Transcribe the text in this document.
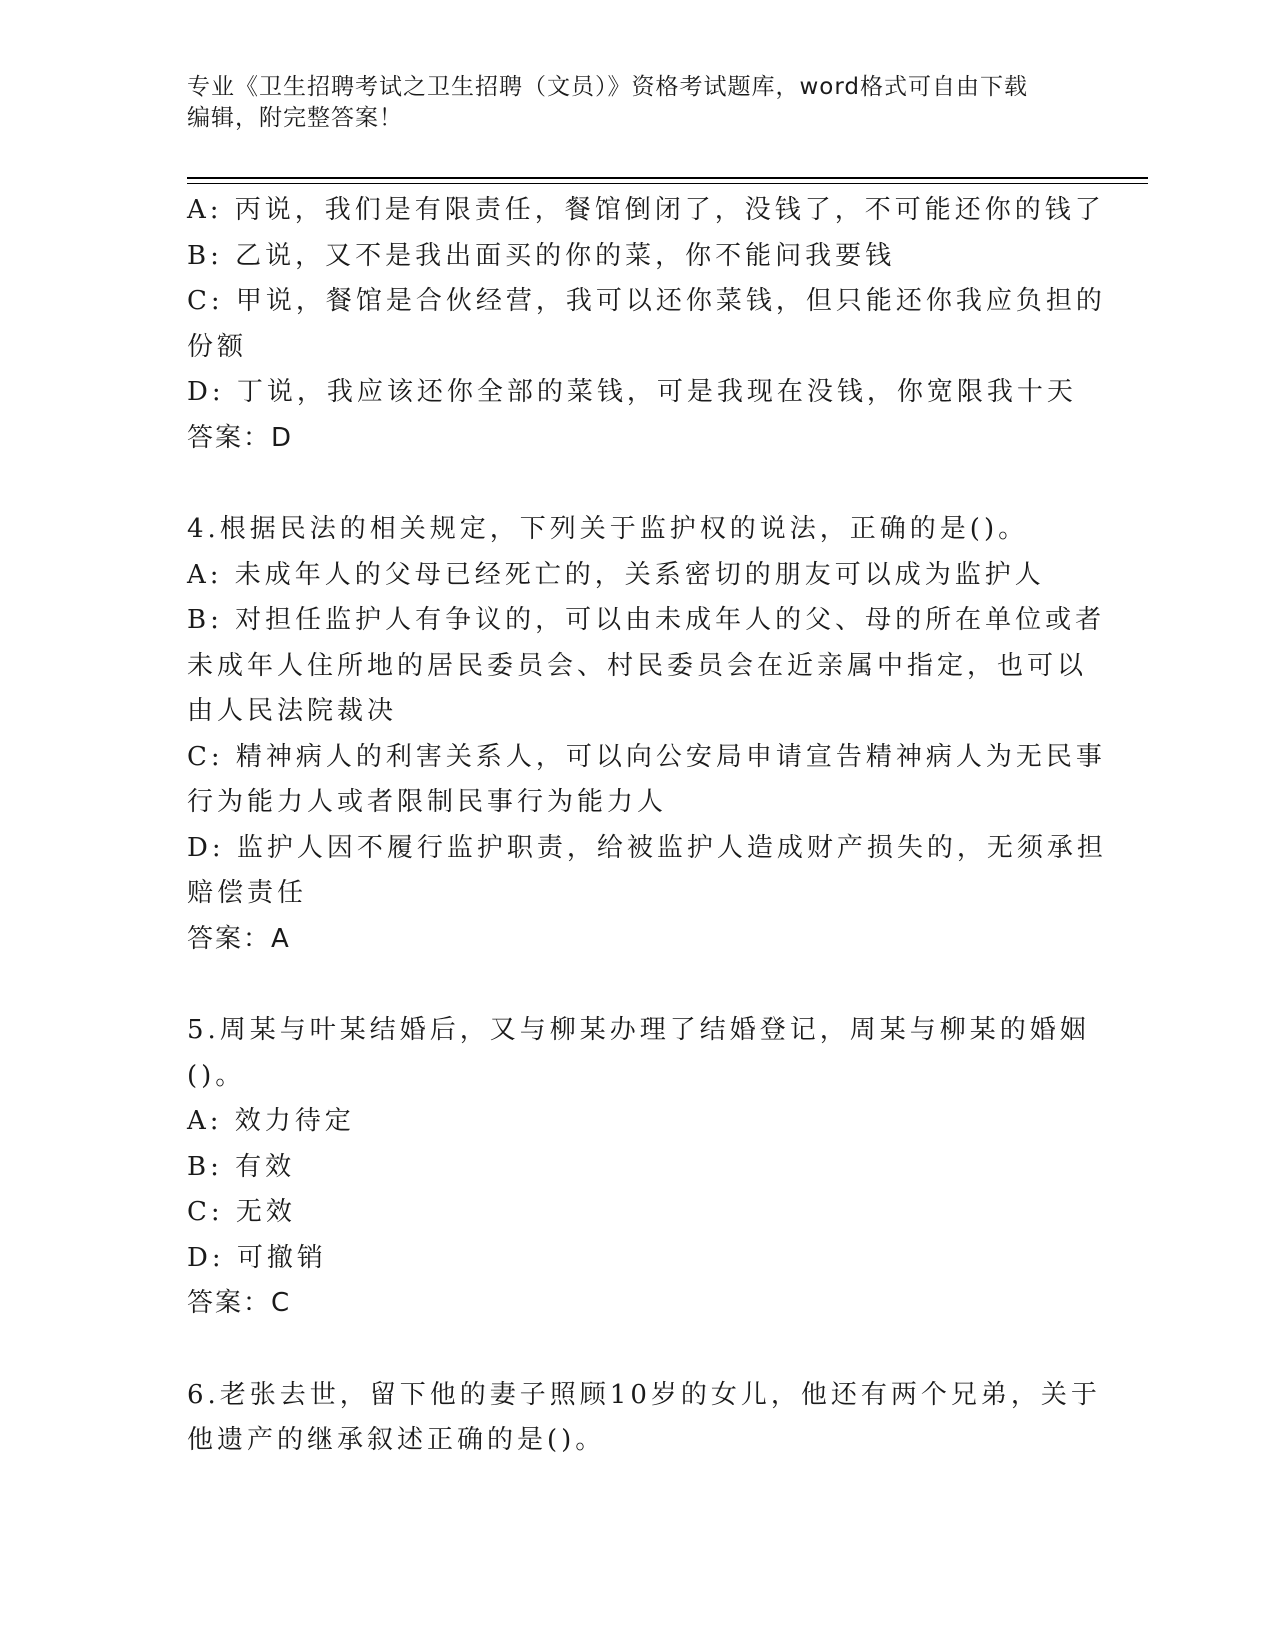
专业《卫生招聘考试之卫生招聘（文员）》资格考试题库，word格式可自由下载
编辑，附完整答案！
A: 丙说，我们是有限责任，餐馆倒闭了，没钱了，不可能还你的钱了
B: 乙说，又不是我出面买的你的菜，你不能问我要钱
C: 甲说，餐馆是合伙经营，我可以还你菜钱，但只能还你我应负担的
份额
D: 丁说，我应该还你全部的菜钱，可是我现在没钱，你宽限我十天
答案：D
4.根据民法的相关规定，下列关于监护权的说法，正确的是()。
A: 未成年人的父母已经死亡的，关系密切的朋友可以成为监护人
B: 对担任监护人有争议的，可以由未成年人的父、母的所在单位或者
未成年人住所地的居民委员会、村民委员会在近亲属中指定，也可以
由人民法院裁决
C: 精神病人的利害关系人，可以向公安局申请宣告精神病人为无民事
行为能力人或者限制民事行为能力人
D: 监护人因不履行监护职责，给被监护人造成财产损失的，无须承担
赔偿责任
答案：A
5.周某与叶某结婚后，又与柳某办理了结婚登记，周某与柳某的婚姻
()。
A: 效力待定
B: 有效
C: 无效
D: 可撤销
答案：C
6.老张去世，留下他的妻子照顾10岁的女儿，他还有两个兄弟，关于
他遗产的继承叙述正确的是()。
